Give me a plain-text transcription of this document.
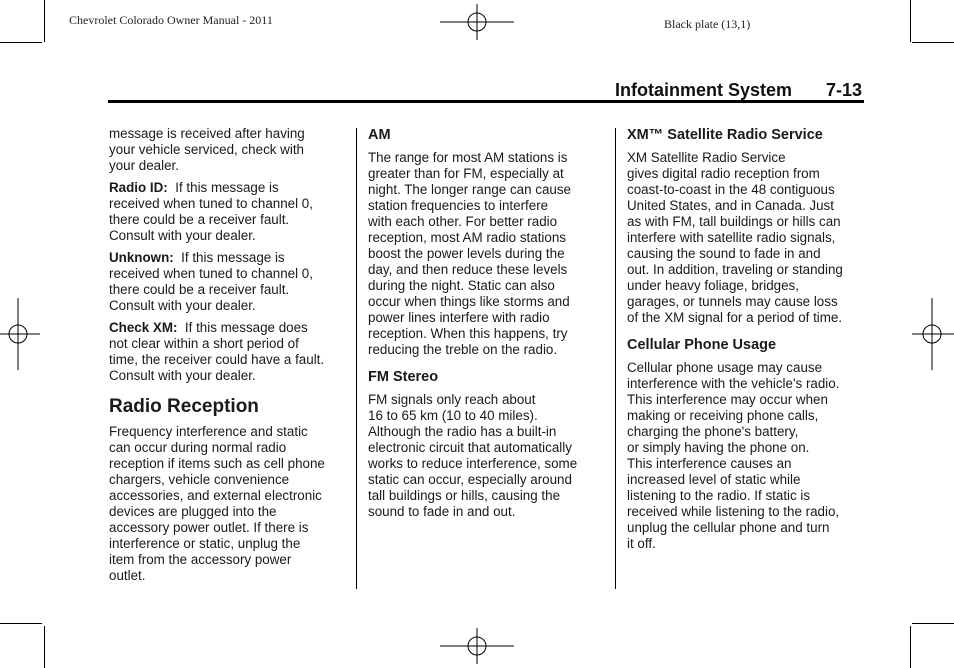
Chevrolet Colorado Owner Manual - 2011	Black plate (13,1)
Infotainment System 7-13

message is received after having
your vehicle serviced, check with
your dealer.

Radio ID: If this message is
received when tuned to channel 0,
there could be a receiver fault.
Consult with your dealer.

Unknown: If this message is
received when tuned to channel 0,
there could be a receiver fault.
Consult with your dealer.

Check XM: If this message does
not clear within a short period of
time, the receiver could have a fault.
Consult with your dealer.

Radio Reception

Frequency interference and static
can occur during normal radio
reception if items such as cell phone
chargers, vehicle convenience
accessories, and external electronic
devices are plugged into the
accessory power outlet. If there is
interference or static, unplug the
item from the accessory power
outlet.

AM

The range for most AM stations is
greater than for FM, especially at
night. The longer range can cause
station frequencies to interfere
with each other. For better radio
reception, most AM radio stations
boost the power levels during the
day, and then reduce these levels
during the night. Static can also
occur when things like storms and
power lines interfere with radio
reception. When this happens, try
reducing the treble on the radio.

FM Stereo

FM signals only reach about
16 to 65 km (10 to 40 miles).
Although the radio has a built-in
electronic circuit that automatically
works to reduce interference, some
static can occur, especially around
tall buildings or hills, causing the
sound to fade in and out.

XM™ Satellite Radio Service

XM Satellite Radio Service
gives digital radio reception from
coast-to-coast in the 48 contiguous
United States, and in Canada. Just
as with FM, tall buildings or hills can
interfere with satellite radio signals,
causing the sound to fade in and
out. In addition, traveling or standing
under heavy foliage, bridges,
garages, or tunnels may cause loss
of the XM signal for a period of time.

Cellular Phone Usage

Cellular phone usage may cause
interference with the vehicle's radio.
This interference may occur when
making or receiving phone calls,
charging the phone's battery,
or simply having the phone on.
This interference causes an
increased level of static while
listening to the radio. If static is
received while listening to the radio,
unplug the cellular phone and turn
it off.
